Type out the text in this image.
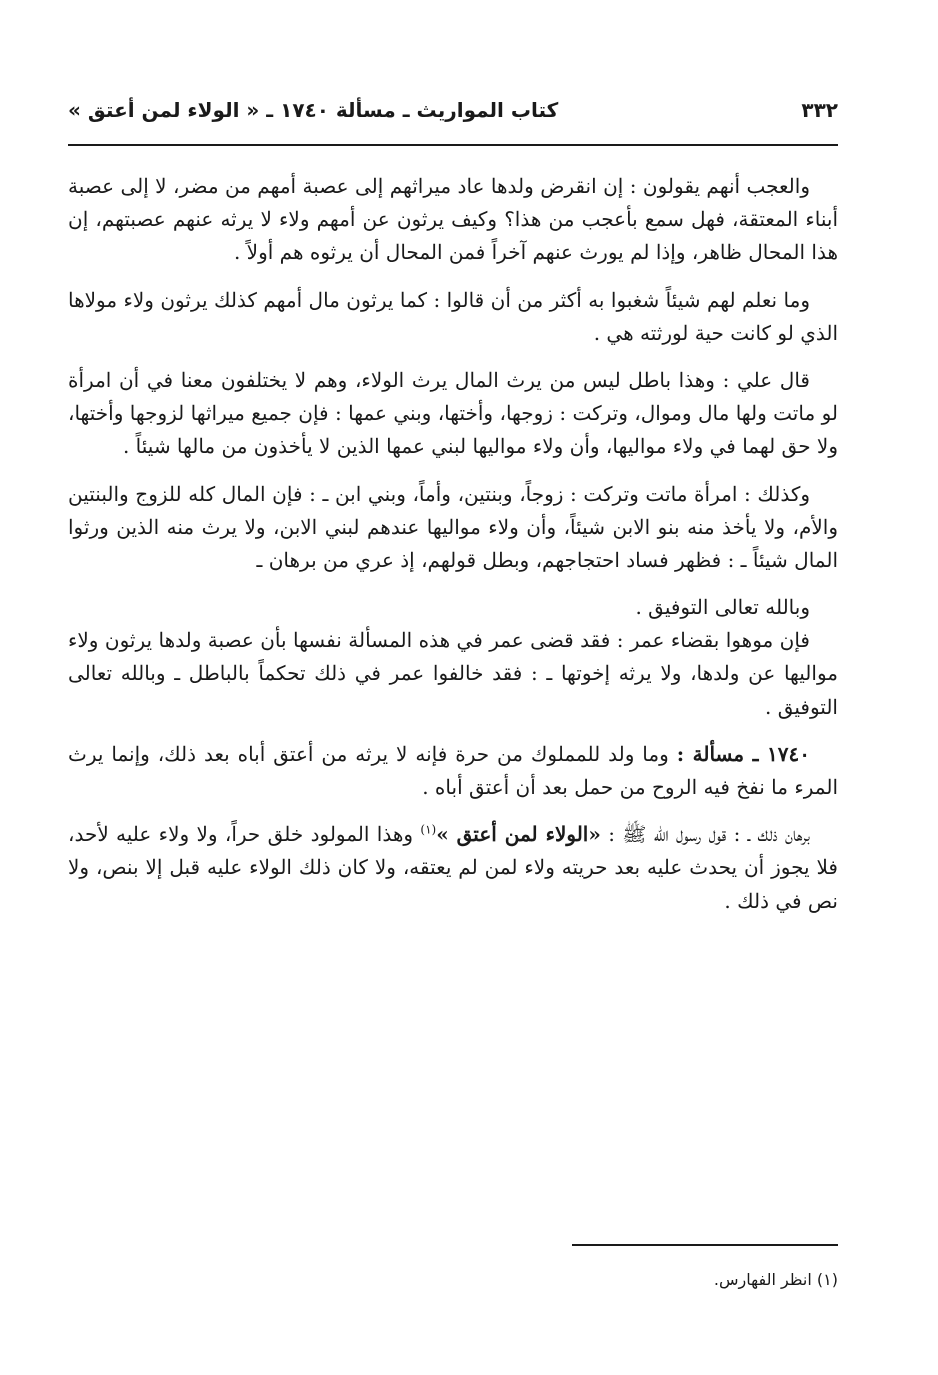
٣٣٢
كتاب المواريث ـ مسألة ١٧٤٠ ـ « الولاء لمن أعتق »

والعجب أنهم يقولون : إن انقرض ولدها عاد ميراثهم إلى عصبة أمهم من مضر، لا إلى عصبة أبناء المعتقة، فهل سمع بأعجب من هذا؟ وكيف يرثون عن أمهم ولاء لا يرثه عنهم عصبتهم، إن هذا المحال ظاهر، وإذا لم يورث عنهم آخراً فمن المحال أن يرثوه هم أولاً .

وما نعلم لهم شيئاً شغبوا به أكثر من أن قالوا : كما يرثون مال أمهم كذلك يرثون ولاء مولاها الذي لو كانت حية لورثته هي .

قال علي : وهذا باطل ليس من يرث المال يرث الولاء، وهم لا يختلفون معنا في أن امرأة لو ماتت ولها مال وموال، وتركت : زوجها، وأختها، وبني عمها : فإن جميع ميراثها لزوجها وأختها، ولا حق لهما في ولاء مواليها، وأن ولاء مواليها لبني عمها الذين لا يأخذون من مالها شيئاً .

وكذلك : امرأة ماتت وتركت : زوجاً، وبنتين، وأماً، وبني ابن ـ : فإن المال كله للزوج والبنتين والأم، ولا يأخذ منه بنو الابن شيئاً، وأن ولاء مواليها عندهم لبني الابن، ولا يرث منه الذين ورثوا المال شيئاً ـ : فظهر فساد احتجاجهم، وبطل قولهم، إذ عري من برهان ـ

وبالله تعالى التوفيق .

فإن موهوا بقضاء عمر : فقد قضى عمر في هذه المسألة نفسها بأن عصبة ولدها يرثون ولاء مواليها عن ولدها، ولا يرثه إخوتها ـ : فقد خالفوا عمر في ذلك تحكماً بالباطل ـ وبالله تعالى التوفيق .

١٧٤٠ ـ مسألة : وما ولد للمملوك من حرة فإنه لا يرثه من أعتق أباه بعد ذلك، وإنما يرث المرء ما نفخ فيه الروح من حمل بعد أن أعتق أباه .

برهان ذلك ـ : قول رسول الله ﷺ : «الولاء لمن أعتق »$^{(١)}$ وهذا المولود خلق حراً، ولا ولاء عليه لأحد، فلا يجوز أن يحدث عليه بعد حريته ولاء لمن لم يعتقه، ولا كان ذلك الولاء عليه قبل إلا بنص، ولا نص في ذلك .

(١) انظر الفهارس.
